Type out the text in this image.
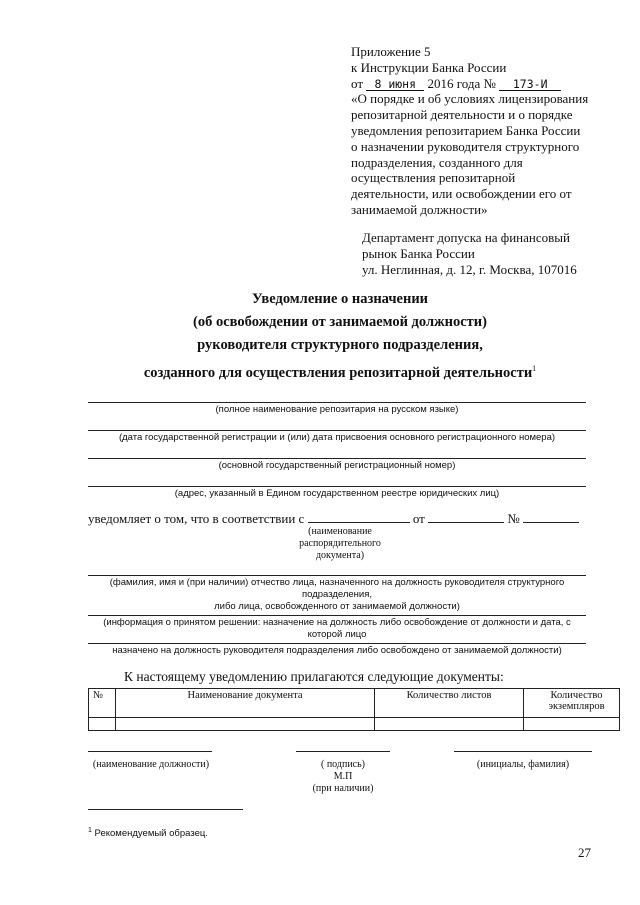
Приложение 5
к Инструкции Банка России
от 8 июня 2016 года № 173-И
«О порядке и об условиях лицензирования
репозитарной деятельности и о порядке
уведомления репозитарием Банка России
о назначении руководителя структурного
подразделения, созданного для
осуществления репозитарной
деятельности, или освобождении его от
занимаемой должности»
Департамент допуска на финансовый
рынок Банка России
ул. Неглинная, д. 12, г. Москва, 107016
Уведомление о назначении
(об освобождении от занимаемой должности)
руководителя структурного подразделения,
созданного для осуществления репозитарной деятельности$^1$
(полное наименование репозитария на русском языке)
(дата государственной регистрации и (или) дата присвоения основного регистрационного номера)
(основной государственный регистрационный номер)
(адрес, указанный в Едином государственном реестре юридических лиц)
уведомляет о том, что в соответствии с	от	№
(наименование
распорядительного
документа)
(фамилия, имя и (при наличии) отчество лица, назначенного на должность руководителя структурного подразделения,
либо лица, освобожденного от занимаемой должности)
(информация о принятом решении: назначение на должность либо освобождение от должности и дата, с которой лицо
назначено на должность руководителя подразделения либо освобождено от занимаемой должности)
К настоящему уведомлению прилагаются следующие документы:
№	Наименование документа	Количество листов	Количество экземпляров

(наименование должности)	( подпись)
М.П
(при наличии)
(инициалы, фамилия)
$^1$ Рекомендуемый образец.
27
